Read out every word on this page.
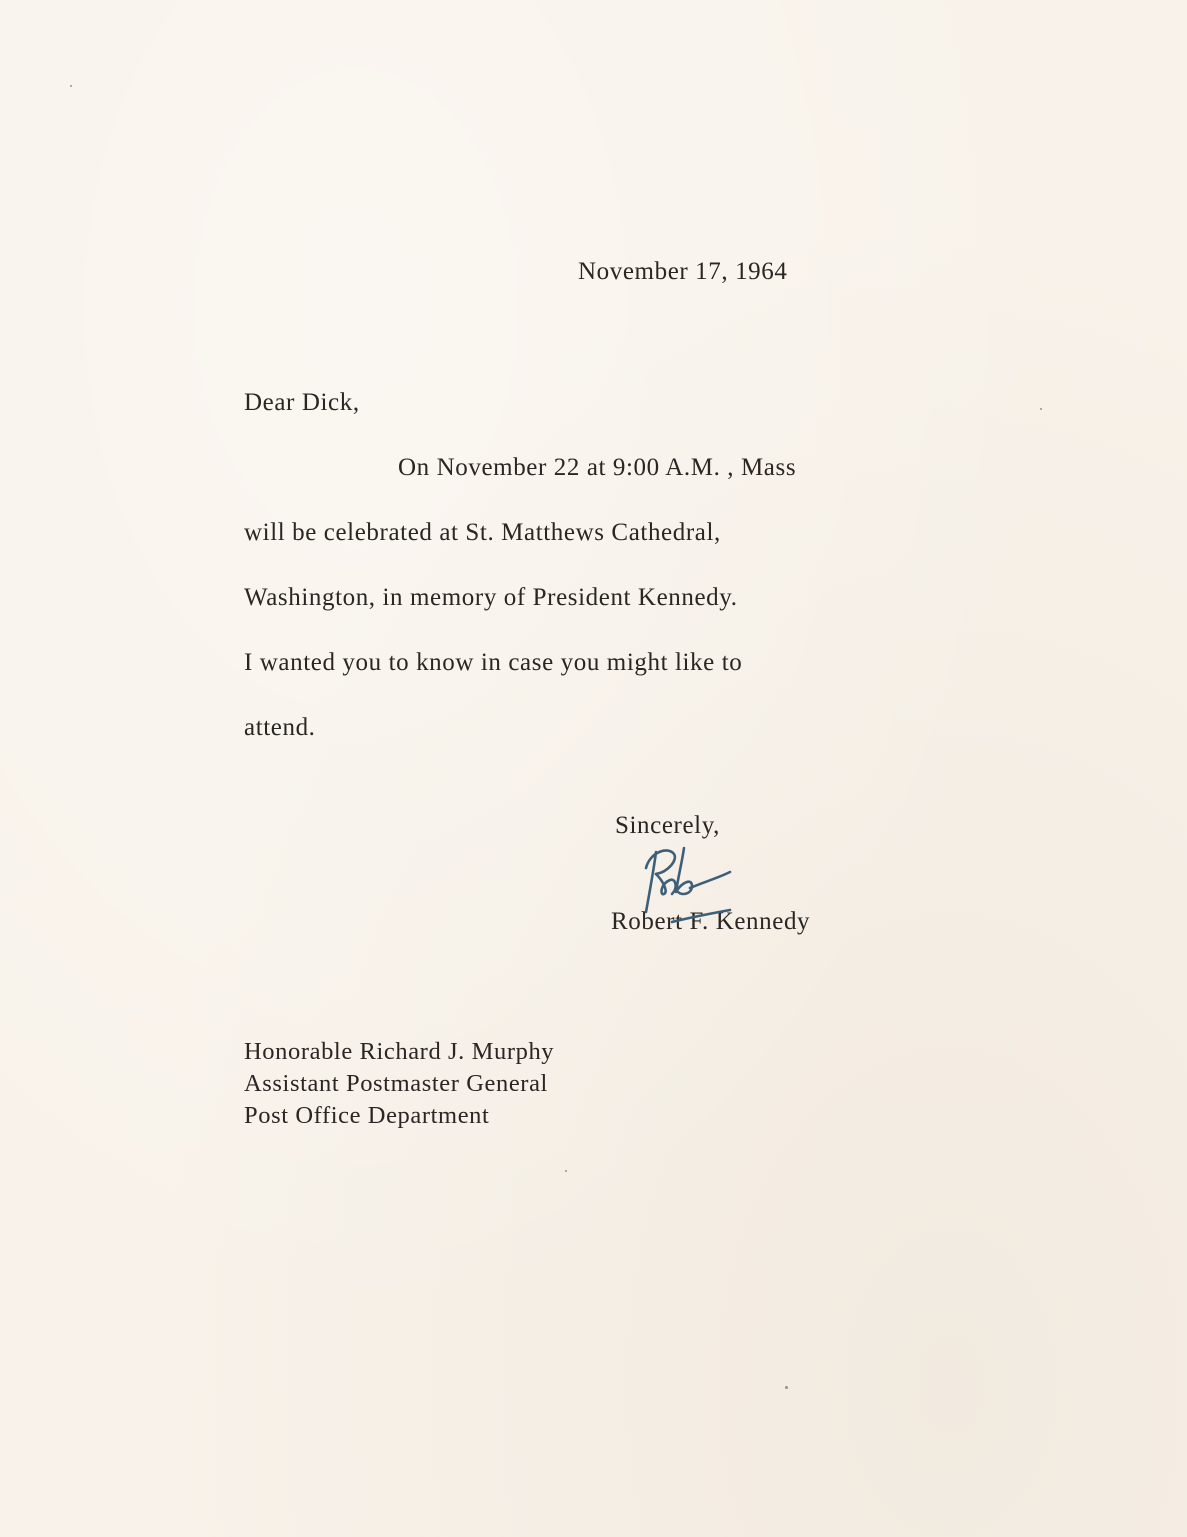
November 17, 1964
Dear Dick,
On November 22 at 9:00 A.M. , Mass
will be celebrated at St. Matthews Cathedral,
Washington, in memory of President Kennedy.
I wanted you to know in case you might like to
attend.
Sincerely,
Robert F. Kennedy
Honorable Richard J. Murphy
Assistant Postmaster General
Post Office Department
